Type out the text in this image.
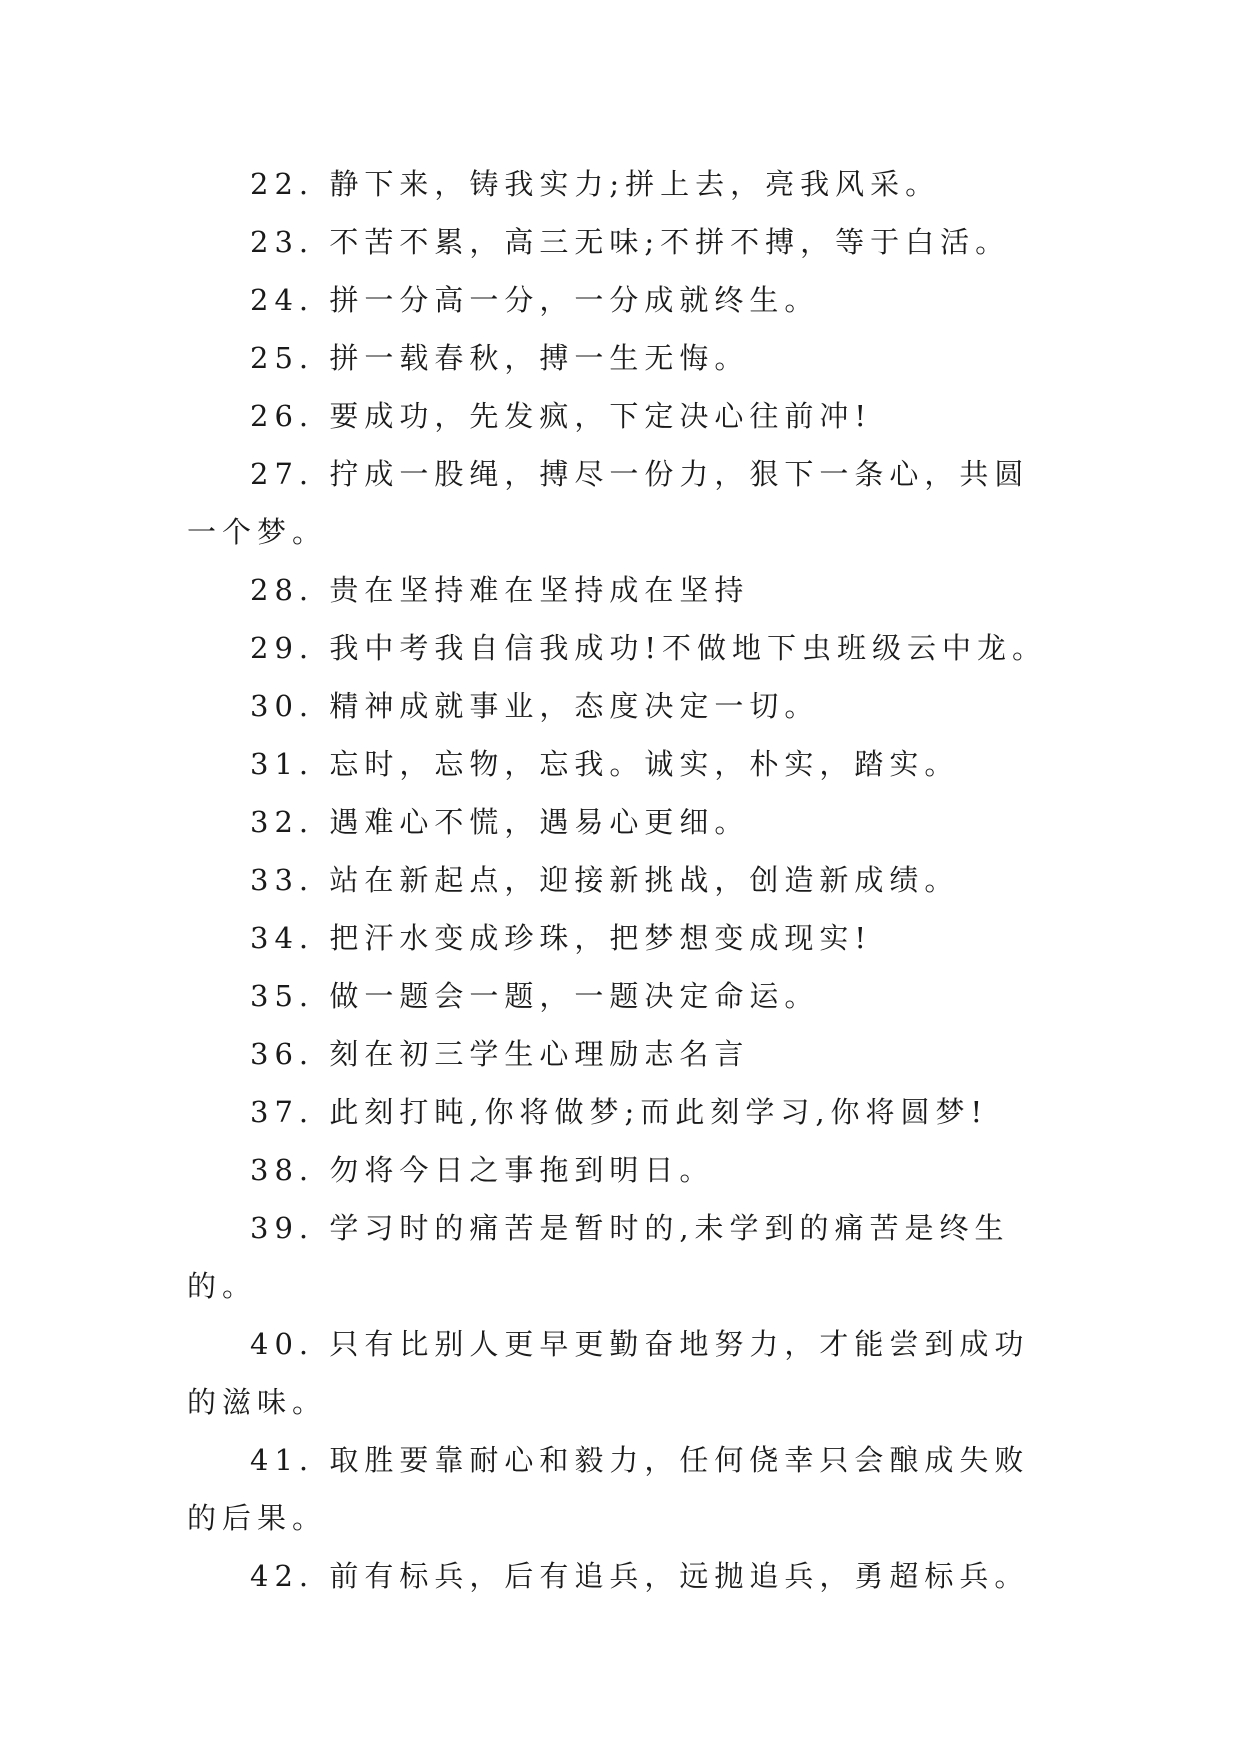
22. 静下来，铸我实力;拼上去，亮我风采。

23. 不苦不累，高三无味;不拼不搏，等于白活。

24. 拼一分高一分，一分成就终生。

25. 拼一载春秋，搏一生无悔。

26. 要成功，先发疯，下定决心往前冲!

27. 拧成一股绳，搏尽一份力，狠下一条心，共圆一个梦。

28. 贵在坚持难在坚持成在坚持

29. 我中考我自信我成功!不做地下虫班级云中龙。

30. 精神成就事业，态度决定一切。

31. 忘时，忘物，忘我。诚实，朴实，踏实。

32. 遇难心不慌，遇易心更细。

33. 站在新起点，迎接新挑战，创造新成绩。

34. 把汗水变成珍珠，把梦想变成现实!

35. 做一题会一题，一题决定命运。

36. 刻在初三学生心理励志名言

37. 此刻打盹,你将做梦;而此刻学习,你将圆梦!

38. 勿将今日之事拖到明日。

39. 学习时的痛苦是暂时的,未学到的痛苦是终生的。

40. 只有比别人更早更勤奋地努力，才能尝到成功的滋味。

41. 取胜要靠耐心和毅力，任何侥幸只会酿成失败的后果。

42. 前有标兵，后有追兵，远抛追兵，勇超标兵。
